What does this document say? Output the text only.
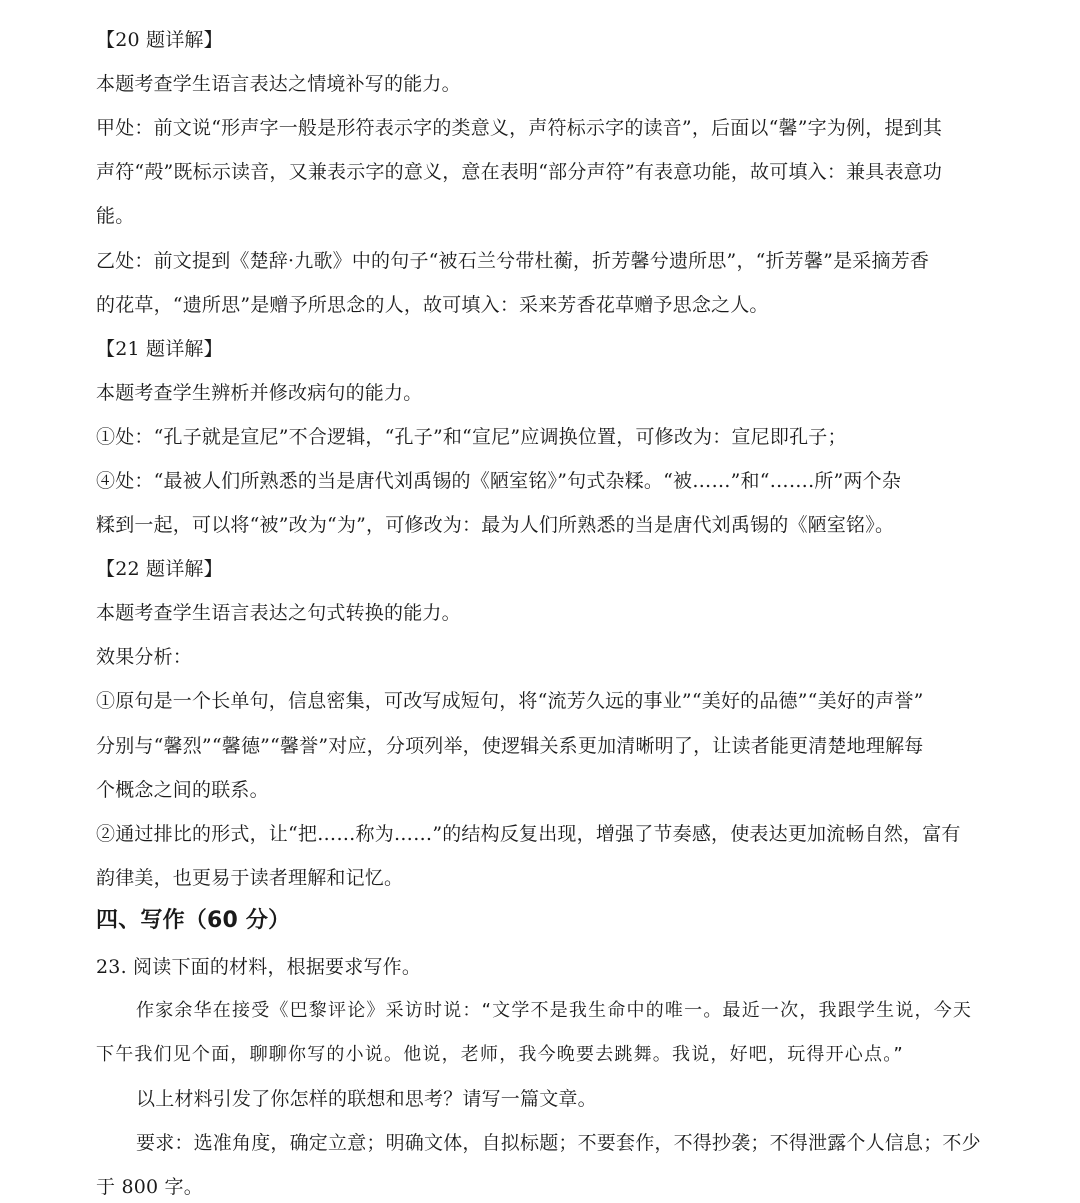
【20 题详解】
本题考查学生语言表达之情境补写的能力。
甲处：前文说“形声字一般是形符表示字的类意义，声符标示字的读音”，后面以“馨”字为例，提到其
声符“殸”既标示读音，又兼表示字的意义，意在表明“部分声符”有表意功能，故可填入：兼具表意功
能。
乙处：前文提到《楚辞·九歌》中的句子“被石兰兮带杜蘅，折芳馨兮遗所思”，“折芳馨”是采摘芳香
的花草，“遗所思”是赠予所思念的人，故可填入：采来芳香花草赠予思念之人。
【21 题详解】
本题考查学生辨析并修改病句的能力。
①处：“孔子就是宣尼”不合逻辑，“孔子”和“宣尼”应调换位置，可修改为：宣尼即孔子；
④处：“最被人们所熟悉的当是唐代刘禹锡的《陋室铭》”句式杂糅。“被……”和“…….所”两个杂
糅到一起，可以将“被”改为“为”，可修改为：最为人们所熟悉的当是唐代刘禹锡的《陋室铭》。
【22 题详解】
本题考查学生语言表达之句式转换的能力。
效果分析：
①原句是一个长单句，信息密集，可改写成短句，将“流芳久远的事业”“美好的品德”“美好的声誉”
分别与“馨烈”“馨德”“馨誉”对应，分项列举，使逻辑关系更加清晰明了，让读者能更清楚地理解每
个概念之间的联系。
②通过排比的形式，让“把……称为……”的结构反复出现，增强了节奏感，使表达更加流畅自然，富有
韵律美，也更易于读者理解和记忆。
四、写作（60 分）
23. 阅读下面的材料，根据要求写作。
作家余华在接受《巴黎评论》采访时说：“文学不是我生命中的唯一。最近一次，我跟学生说，今天
下午我们见个面，聊聊你写的小说。他说，老师，我今晚要去跳舞。我说，好吧，玩得开心点。”
以上材料引发了你怎样的联想和思考？请写一篇文章。
要求：选准角度，确定立意；明确文体，自拟标题；不要套作，不得抄袭；不得泄露个人信息；不少
于 800 字。
